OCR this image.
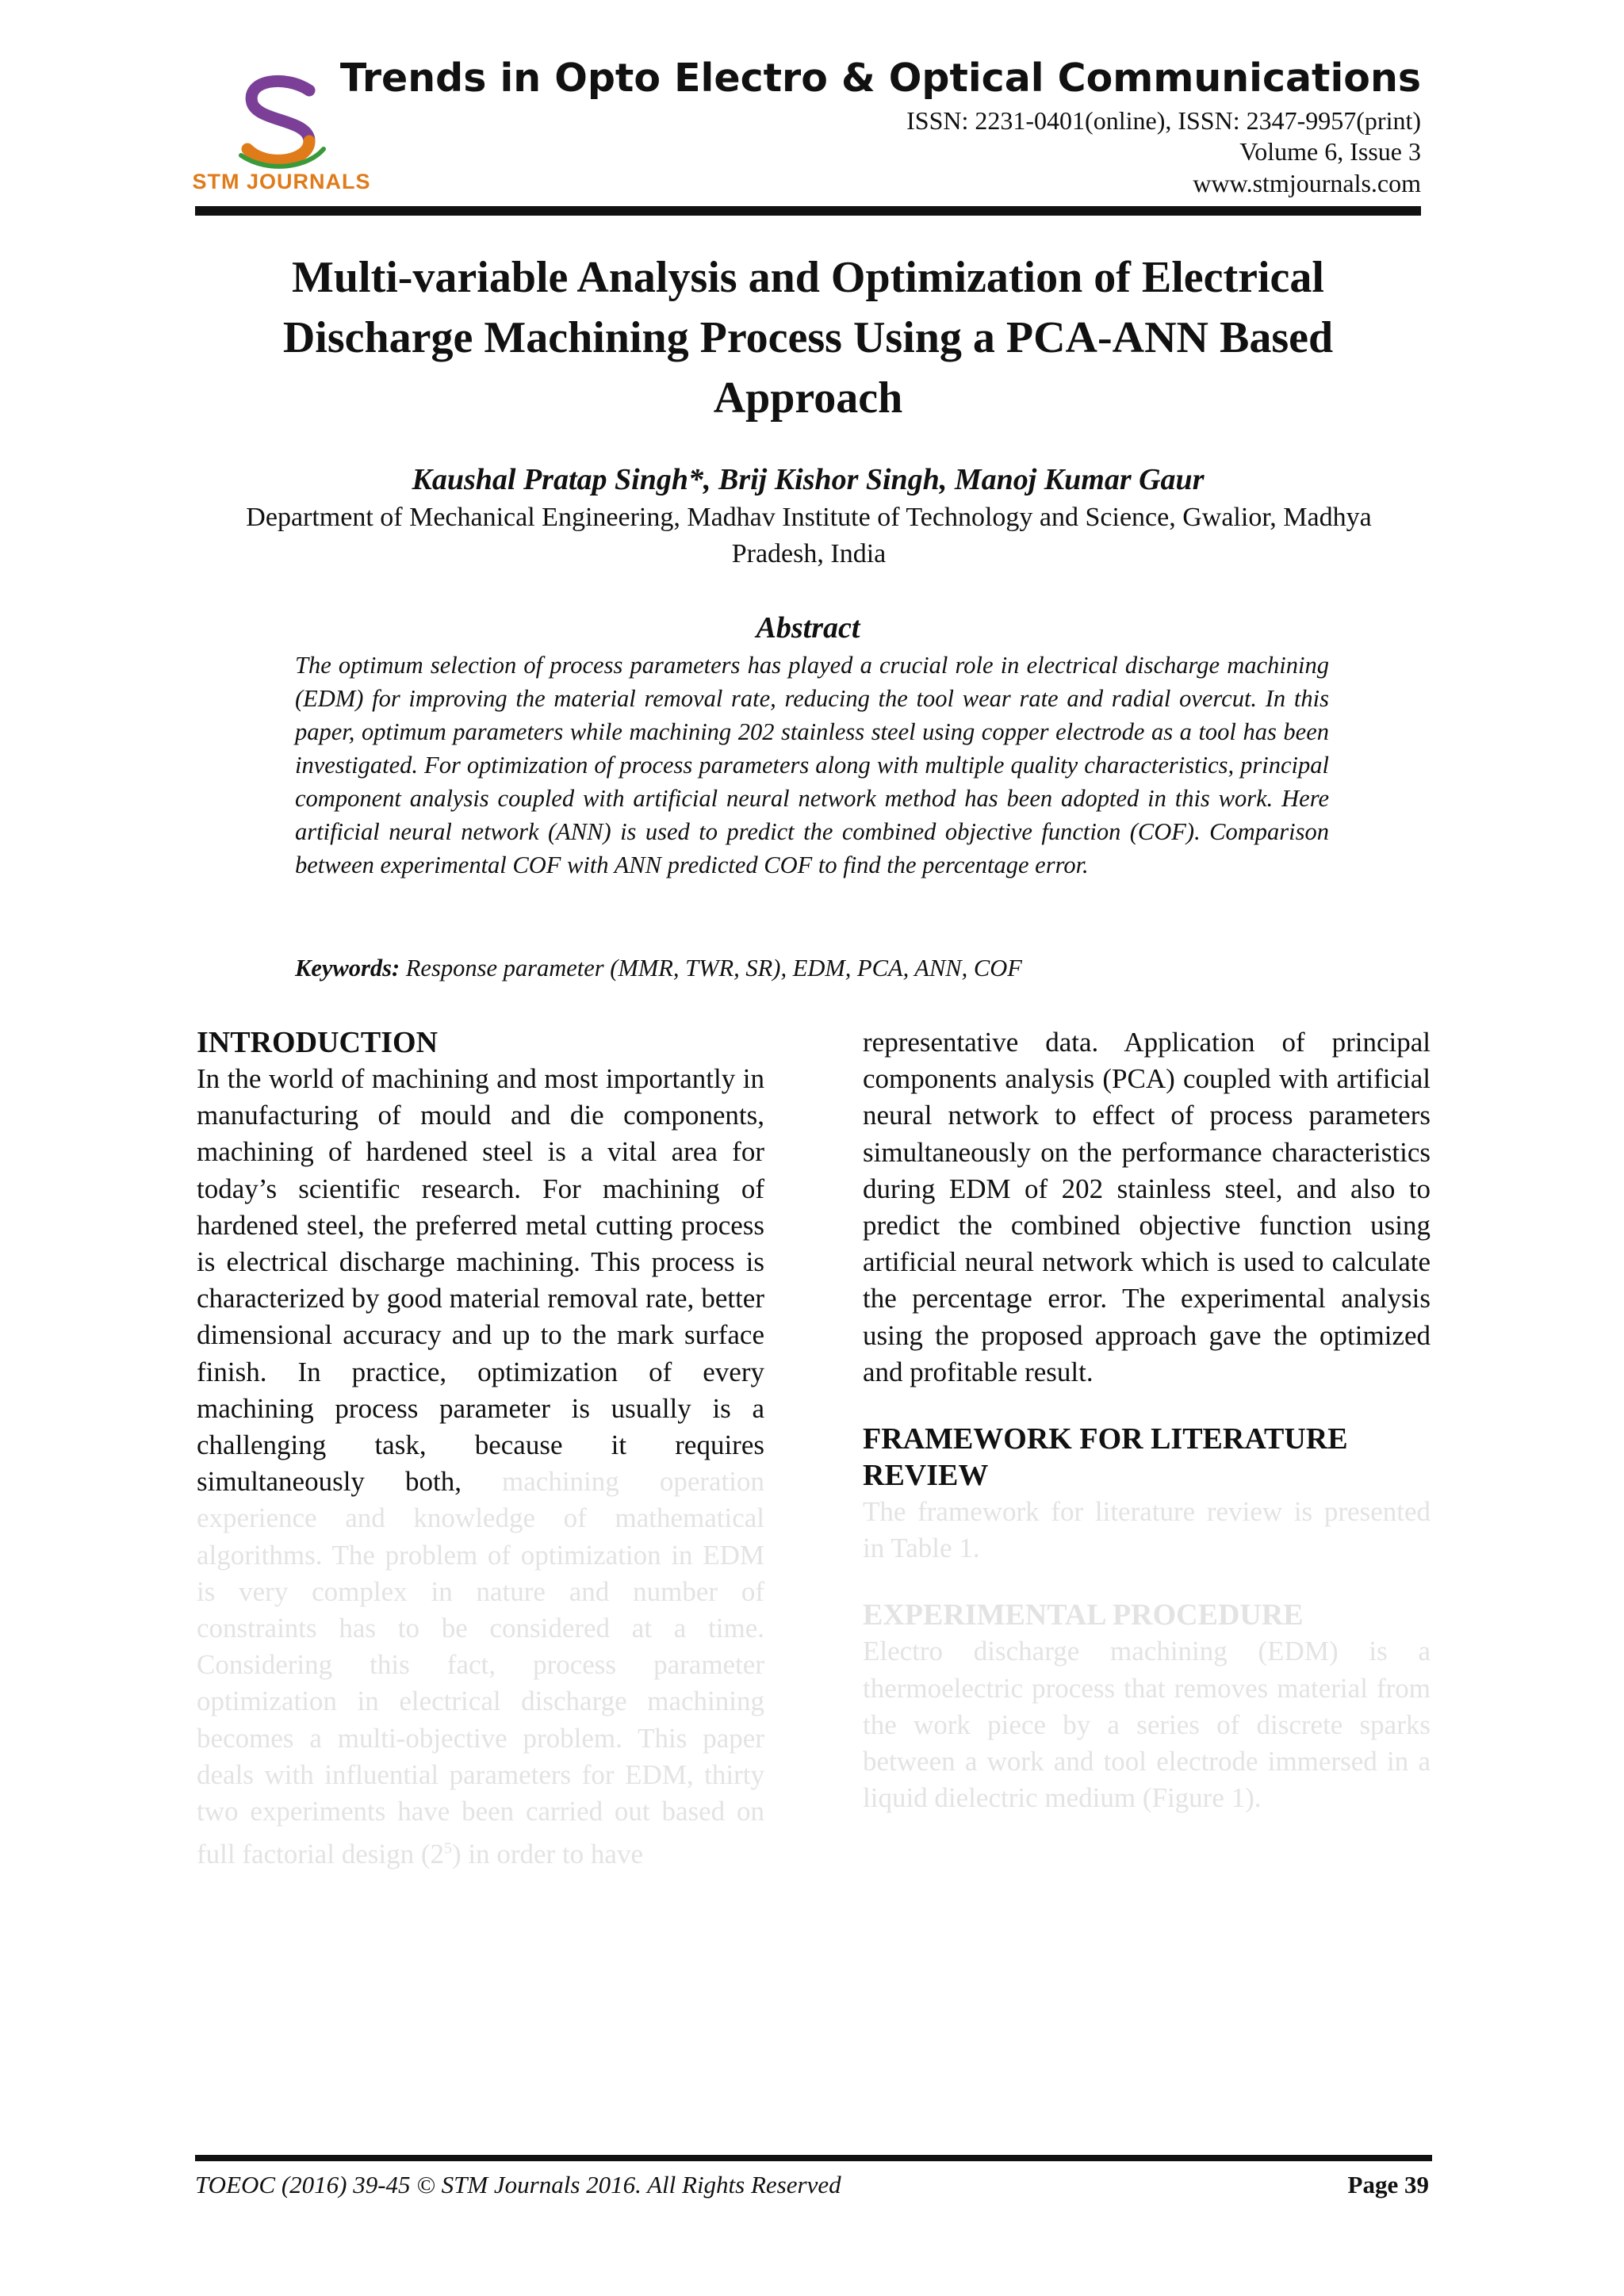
STM JOURNALS
Trends in Opto Electro & Optical Communications
ISSN: 2231-0401(online), ISSN: 2347-9957(print)
Volume 6, Issue 3
www.stmjournals.com
Multi-variable Analysis and Optimization of Electrical
Discharge Machining Process Using a PCA-ANN Based
Approach
Kaushal Pratap Singh*, Brij Kishor Singh, Manoj Kumar Gaur
Department of Mechanical Engineering, Madhav Institute of Technology and Science, Gwalior, Madhya Pradesh, India
Abstract
The optimum selection of process parameters has played a crucial role in electrical discharge machining (EDM) for improving the material removal rate, reducing the tool wear rate and radial overcut. In this paper, optimum parameters while machining 202 stainless steel using copper electrode as a tool has been investigated. For optimization of process parameters along with multiple quality characteristics, principal component analysis coupled with artificial neural network method has been adopted in this work. Here artificial neural network (ANN) is used to predict the combined objective function (COF). Comparison between experimental COF with ANN predicted COF to find the percentage error.
Keywords: Response parameter (MMR, TWR, SR), EDM, PCA, ANN, COF
INTRODUCTION

In the world of machining and most importantly in manufacturing of mould and die components, machining of hardened steel is a vital area for today’s scientific research. For machining of hardened steel, the preferred metal cutting process is electrical discharge machining. This process is characterized by good material removal rate, better dimensional accuracy and up to the mark surface finish. In practice, optimization of every machining process parameter is usually is a challenging task, because it requires simultaneously both, machining operation experience and knowledge of mathematical algorithms. The problem of optimization in EDM is very complex in nature and number of constraints has to be considered at a time. Considering this fact, process parameter optimization in electrical discharge machining becomes a multi-objective problem. This paper deals with influential parameters for EDM, thirty two experiments have been carried out based on full factorial design $(2^5)$ in order to have

representative data. Application of principal components analysis (PCA) coupled with artificial neural network to effect of process parameters simultaneously on the performance characteristics during EDM of 202 stainless steel, and also to predict the combined objective function using artificial neural network which is used to calculate the percentage error. The experimental analysis using the proposed approach gave the optimized and profitable result.

FRAMEWORK FOR LITERATURE REVIEW

The framework for literature review is presented in Table 1.

EXPERIMENTAL PROCEDURE

Electro discharge machining (EDM) is a thermoelectric process that removes material from the work piece by a series of discrete sparks between a work and tool electrode immersed in a liquid dielectric medium (Figure 1).

TOEOC (2016) 39-45 © STM Journals 2016. All Rights Reserved	Page 39
